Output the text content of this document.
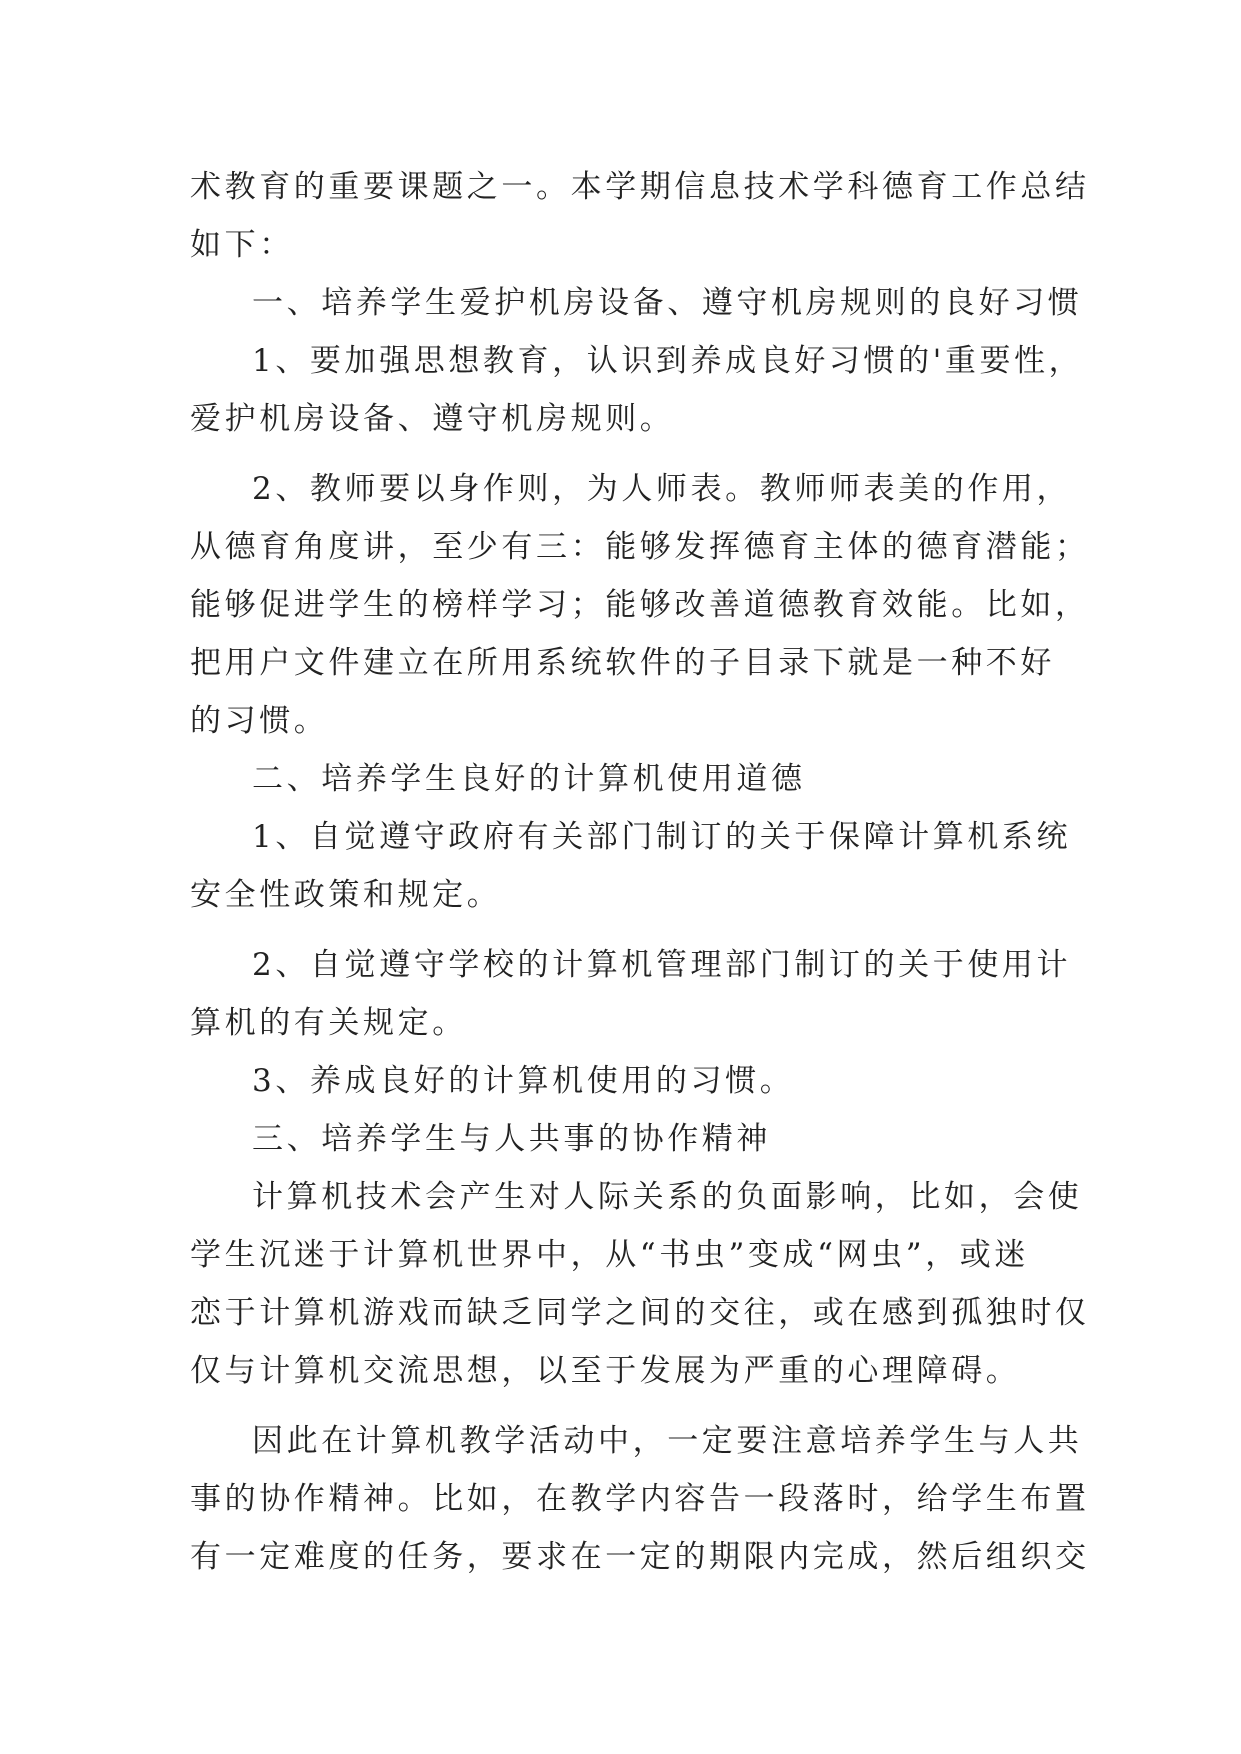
术教育的重要课题之一。本学期信息技术学科德育工作总结
如下：
一、培养学生爱护机房设备、遵守机房规则的良好习惯
1、要加强思想教育，认识到养成良好习惯的'重要性，
爱护机房设备、遵守机房规则。
2、教师要以身作则，为人师表。教师师表美的作用，
从德育角度讲，至少有三：能够发挥德育主体的德育潜能；
能够促进学生的榜样学习；能够改善道德教育效能。比如，
把用户文件建立在所用系统软件的子目录下就是一种不好
的习惯。
二、培养学生良好的计算机使用道德
1、自觉遵守政府有关部门制订的关于保障计算机系统
安全性政策和规定。
2、自觉遵守学校的计算机管理部门制订的关于使用计
算机的有关规定。
3、养成良好的计算机使用的习惯。
三、培养学生与人共事的协作精神
计算机技术会产生对人际关系的负面影响，比如，会使
学生沉迷于计算机世界中，从“书虫”变成“网虫”，或迷
恋于计算机游戏而缺乏同学之间的交往，或在感到孤独时仅
仅与计算机交流思想，以至于发展为严重的心理障碍。
因此在计算机教学活动中，一定要注意培养学生与人共
事的协作精神。比如，在教学内容告一段落时，给学生布置
有一定难度的任务，要求在一定的期限内完成，然后组织交
